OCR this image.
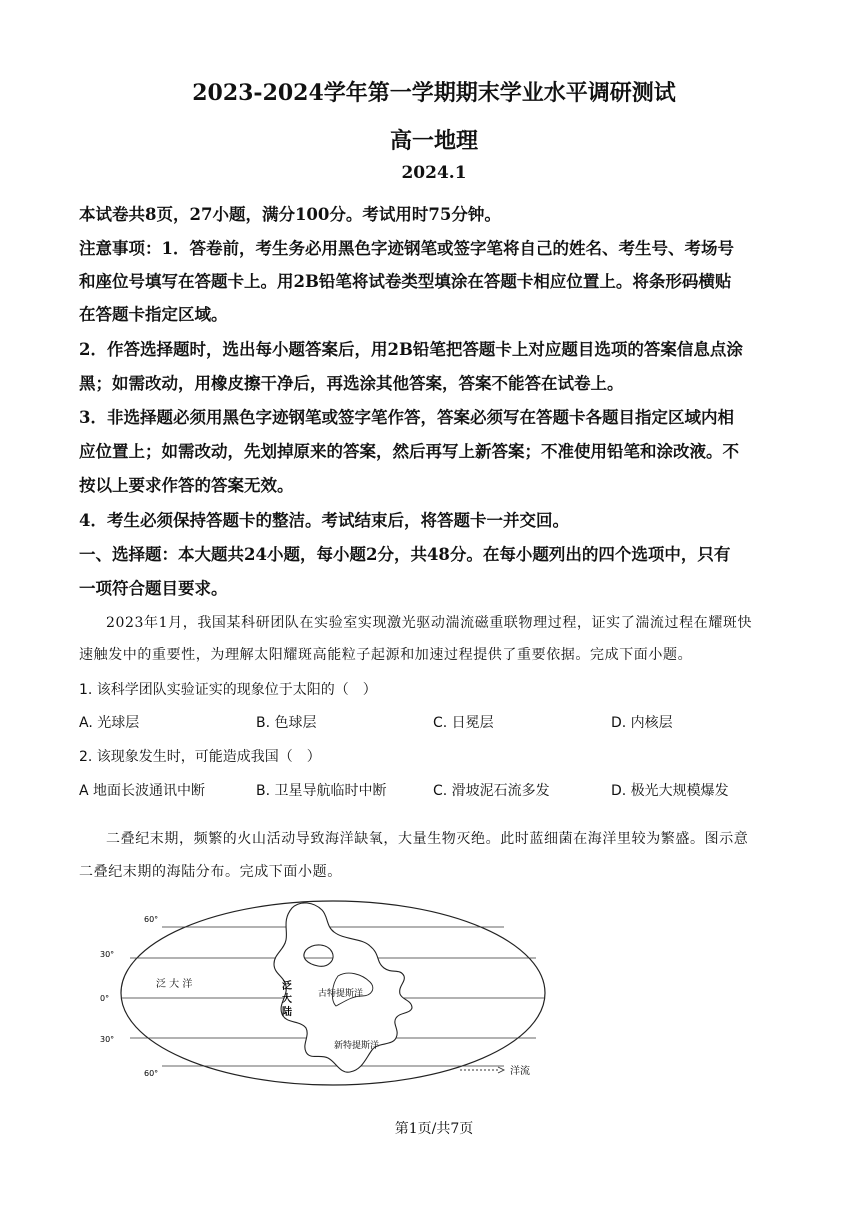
2023-2024学年第一学期期末学业水平调研测试
高一地理
2024.1
本试卷共8页，27小题，满分100分。考试用时75分钟。
注意事项：1．答卷前，考生务必用黑色字迹钢笔或签字笔将自己的姓名、考生号、考场号
和座位号填写在答题卡上。用2B铅笔将试卷类型填涂在答题卡相应位置上。将条形码横贴
在答题卡指定区域。
2．作答选择题时，选出每小题答案后，用2B铅笔把答题卡上对应题目选项的答案信息点涂
黑；如需改动，用橡皮擦干净后，再选涂其他答案，答案不能答在试卷上。
3．非选择题必须用黑色字迹钢笔或签字笔作答，答案必须写在答题卡各题目指定区域内相
应位置上；如需改动，先划掉原来的答案，然后再写上新答案；不准使用铅笔和涂改液。不
按以上要求作答的答案无效。
4．考生必须保持答题卡的整洁。考试结束后，将答题卡一并交回。
一、选择题：本大题共24小题，每小题2分，共48分。在每小题列出的四个选项中，只有
一项符合题目要求。
2023年1月，我国某科研团队在实验室实现激光驱动湍流磁重联物理过程，证实了湍流过程在耀斑快
速触发中的重要性，为理解太阳耀斑高能粒子起源和加速过程提供了重要依据。完成下面小题。
1. 该科学团队实验证实的现象位于太阳的（　）
A. 光球层	B. 色球层	C. 日冕层	D. 内核层
2. 该现象发生时，可能造成我国（　）
A 地面长波通讯中断	B. 卫星导航临时中断	C. 滑坡泥石流多发	D. 极光大规模爆发
二叠纪末期，频繁的火山活动导致海洋缺氧，大量生物灭绝。此时蓝细菌在海洋里较为繁盛。图示意
二叠纪末期的海陆分布。完成下面小题。
60°
30°
0°
30°
60°
泛 大 洋	泛
大
陆
古特提斯洋
新特提斯洋
洋流
第1页/共7页
